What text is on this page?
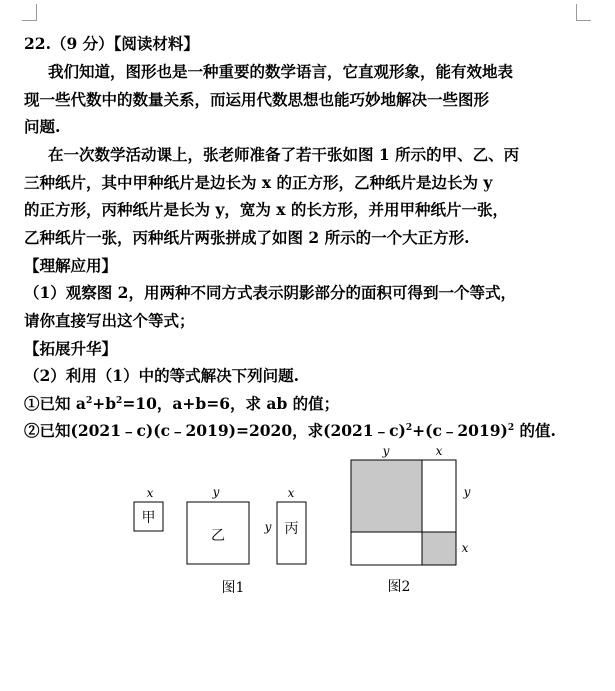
22.（9 分）【阅读材料】
我们知道，图形也是一种重要的数学语言，它直观形象，能有效地表
现一些代数中的数量关系，而运用代数思想也能巧妙地解决一些图形
问题.
在一次数学活动课上，张老师准备了若干张如图 1 所示的甲、乙、丙
三种纸片，其中甲种纸片是边长为 x 的正方形，乙种纸片是边长为 y
的正方形，丙种纸片是长为 y，宽为 x 的长方形，并用甲种纸片一张，
乙种纸片一张，丙种纸片两张拼成了如图 2 所示的一个大正方形.
【理解应用】
（1）观察图 2，用两种不同方式表示阴影部分的面积可得到一个等式，
请你直接写出这个等式；
【拓展升华】
（2）利用（1）中的等式解决下列问题.
①已知 $a^2+b^2=10$，a+b=6，求 ab 的值；
②已知(2021﹣c)(c﹣2019)=2020，求(2021﹣c)$^2$+(c﹣2019)$^2$ 的值.
x
甲
y
乙
x
y 丙
图1
y	x
y
x
图2
